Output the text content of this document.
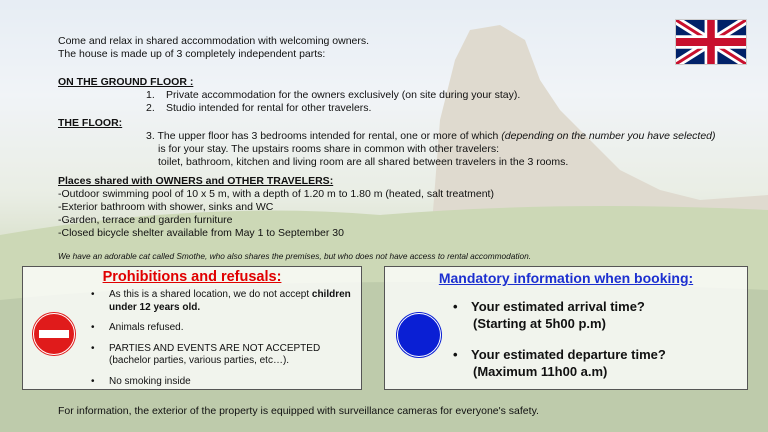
Come and relax in shared accommodation with welcoming owners.
The house is made up of 3 completely independent parts:
ON THE GROUND FLOOR :
1. Private accommodation for the owners exclusively (on site during your stay).
2. Studio intended for rental for other travelers.
THE FLOOR:
3. The upper floor has 3 bedrooms intended for rental, one or more of which (depending on the number you have selected)
is for your stay. The upstairs rooms share in common with other travelers:
toilet, bathroom, kitchen and living room are all shared between travelers in the 3 rooms.
Places shared with OWNERS and OTHER TRAVELERS:
-Outdoor swimming pool of 10 x 5 m, with a depth of 1.20 m to 1.80 m (heated, salt treatment)
-Exterior bathroom with shower, sinks and WC
-Garden, terrace and garden furniture
-Closed bicycle shelter available from May 1 to September 30
We have an adorable cat called Smothe, who also shares the premises, but who does not have access to rental accommodation.
Prohibitions and refusals:
• As this is a shared location, we do not accept children under 12 years old.
• Animals refused.
• PARTIES AND EVENTS ARE NOT ACCEPTED (bachelor parties, various parties, etc…).
• No smoking inside
Mandatory information when booking:
• Your estimated arrival time?
(Starting at 5h00 p.m)
• Your estimated departure time?
(Maximum 11h00 a.m)
For information, the exterior of the property is equipped with surveillance cameras for everyone's safety.
